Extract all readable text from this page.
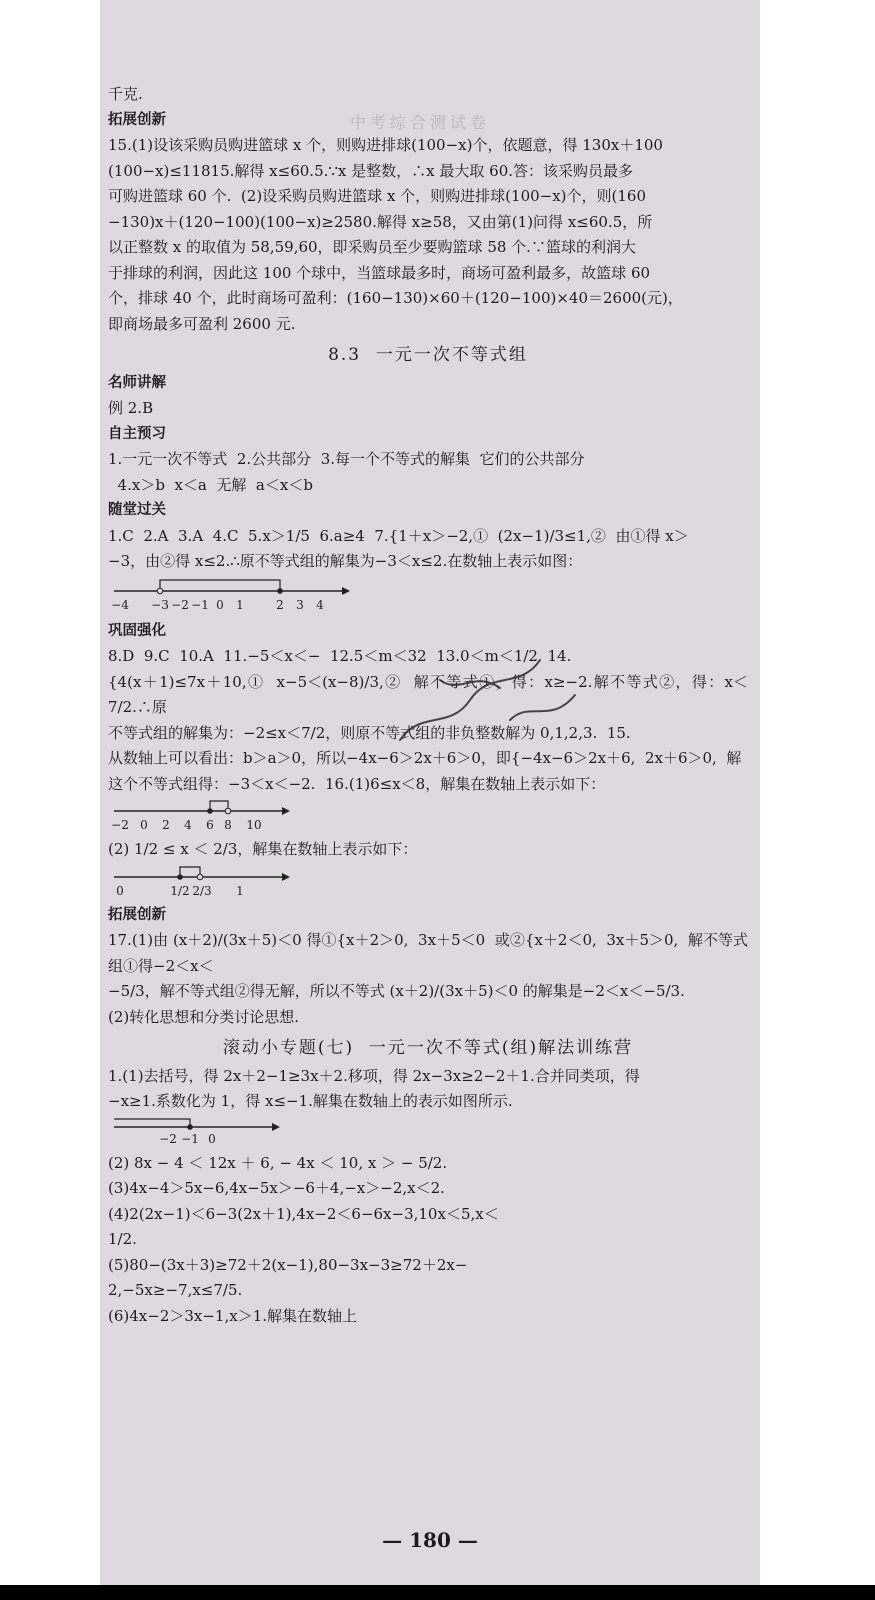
中考综合测试卷

千克.

拓展创新

15.(1)设该采购员购进篮球 x 个，则购进排球(100−x)个，依题意，得 130x＋100

(100−x)≤11815.解得 x≤60.5.∵x 是整数，∴x 最大取 60.答：该采购员最多

可购进篮球 60 个.  (2)设采购员购进篮球 x 个，则购进排球(100−x)个，则(160

−130)x＋(120−100)(100−x)≥2580.解得 x≥58，又由第(1)问得 x≤60.5，所

以正整数 x 的取值为 58,59,60，即采购员至少要购篮球 58 个.∵篮球的利润大

于排球的利润，因此这 100 个球中，当篮球最多时，商场可盈利最多，故篮球 60

个，排球 40 个，此时商场可盈利：(160−130)×60＋(120−100)×40＝2600(元)，

即商场最多可盈利 2600 元.

8.3  一元一次不等式组

名师讲解

例 2.B

自主预习

1.一元一次不等式  2.公共部分  3.每一个不等式的解集  它们的公共部分

4.x＞b  x＜a  无解  a＜x＜b

随堂过关

1.C  2.A  3.A  4.C  5.x＞1/5  6.a≥4  7.{1＋x＞−2,①  (2x−1)/3≤1,②  由①得 x＞

−3，由②得 x≤2.∴原不等式组的解集为−3＜x≤2.在数轴上表示如图：

−4 −3 −2 −1 0 1	2 3 4

巩固强化

8.D  9.C  10.A  11.−5＜x＜−  12.5＜m＜32  13.0＜m＜1/2  14.

{4(x＋1)≤7x＋10,①  x−5＜(x−8)/3,②  解不等式①，得：x≥−2.解不等式②，得：x＜7/2.∴原

不等式组的解集为：−2≤x＜7/2，则原不等式组的非负整数解为 0,1,2,3.  15.

从数轴上可以看出：b＞a＞0，所以−4x−6＞2x＋6＞0，即{−4x−6＞2x＋6,  2x＋6＞0,  解

这个不等式组得：−3＜x＜−2.  16.(1)6≤x＜8，解集在数轴上表示如下：

−2 0 2 4 6 8 10

(2) 1/2 ≤ x ＜ 2/3，解集在数轴上表示如下：

0	1/2 2/3 1

拓展创新

17.(1)由 (x＋2)/(3x＋5)＜0 得①{x＋2＞0,  3x＋5＜0  或②{x＋2＜0,  3x＋5＞0,  解不等式组①得−2＜x＜

−5/3，解不等式组②得无解，所以不等式 (x＋2)/(3x＋5)＜0 的解集是−2＜x＜−5/3.

(2)转化思想和分类讨论思想.

滚动小专题(七)  一元一次不等式(组)解法训练营

1.(1)去括号，得 2x＋2−1≥3x＋2.移项，得 2x−3x≥2−2＋1.合并同类项，得

−x≥1.系数化为 1，得 x≤−1.解集在数轴上的表示如图所示.

−2 −1 0

(2) 8x − 4 ＜ 12x ＋ 6, − 4x ＜ 10, x ＞ − 5/2.

(3)4x−4＞5x−6,4x−5x＞−6＋4,−x＞−2,x＜2.

(4)2(2x−1)＜6−3(2x＋1),4x−2＜6−6x−3,10x＜5,x＜

1/2.

(5)80−(3x＋3)≥72＋2(x−1),80−3x−3≥72＋2x−

2,−5x≥−7,x≤7/5.

(6)4x−2＞3x−1,x＞1.解集在数轴上

— 180 —
